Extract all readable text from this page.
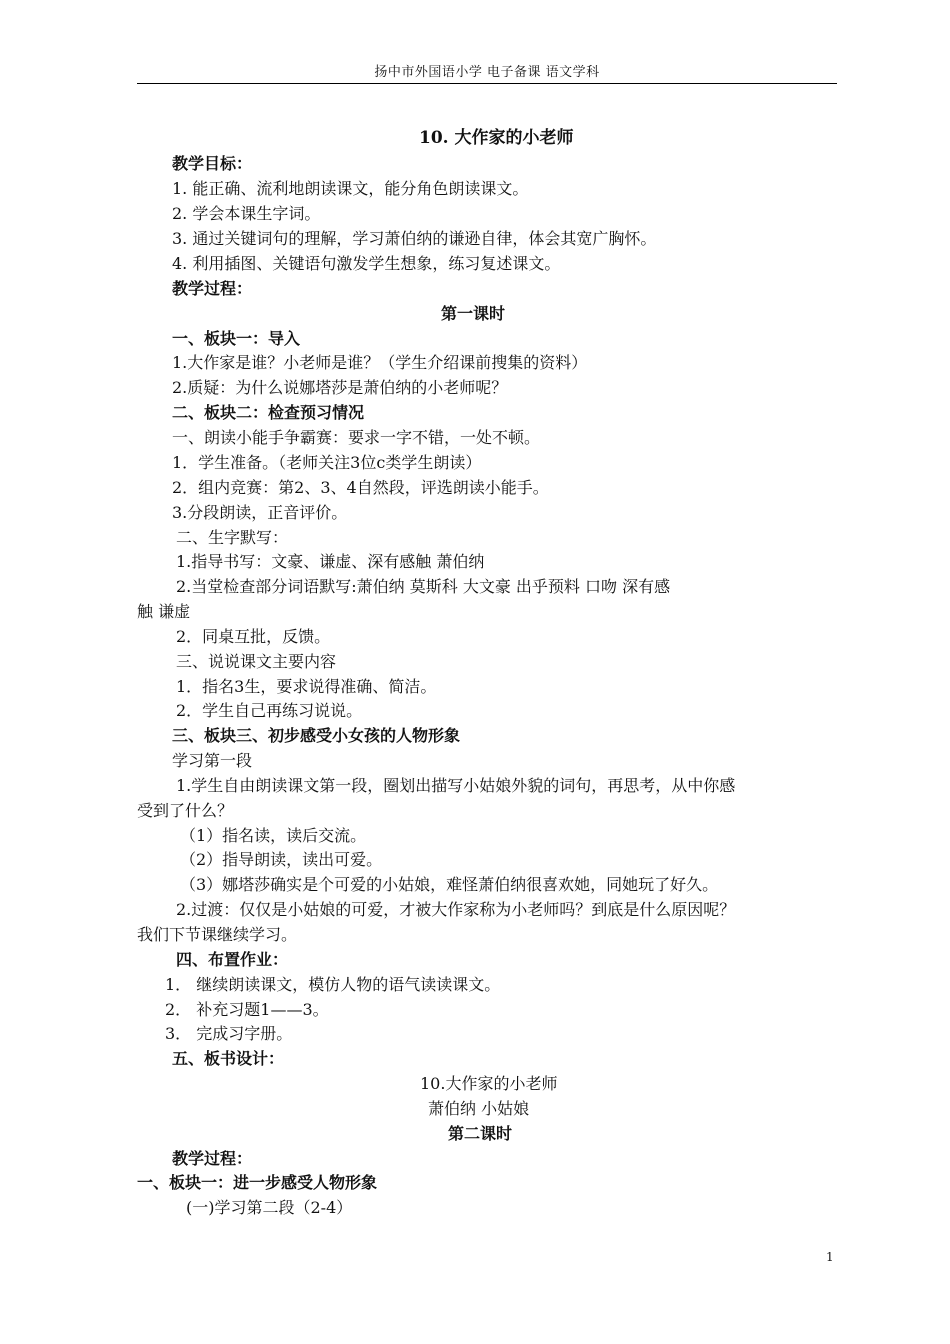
扬中市外国语小学 电子备课 语文学科
10. 大作家的小老师
教学目标：
1. 能正确、流利地朗读课文，能分角色朗读课文。
2. 学会本课生字词。
3. 通过关键词句的理解，学习萧伯纳的谦逊自律，体会其宽广胸怀。
4. 利用插图、关键语句激发学生想象，练习复述课文。
教学过程：
第一课时
一、板块一：导入
1.大作家是谁？小老师是谁？（学生介绍课前搜集的资料）
2.质疑：为什么说娜塔莎是萧伯纳的小老师呢？
二、板块二：检查预习情况
一、朗读小能手争霸赛：要求一字不错，一处不顿。
1．学生准备。（老师关注3位c类学生朗读）
2．组内竞赛：第2、3、4自然段，评选朗读小能手。
3.分段朗读，正音评价。
二、生字默写：
1.指导书写：文豪、谦虚、深有感触 萧伯纳
2.当堂检查部分词语默写:萧伯纳 莫斯科 大文豪 出乎预料 口吻 深有感
触 谦虚
2．同桌互批，反馈。
三、说说课文主要内容
1．指名3生，要求说得准确、简洁。
2．学生自己再练习说说。
三、板块三、初步感受小女孩的人物形象
学习第一段
1.学生自由朗读课文第一段，圈划出描写小姑娘外貌的词句，再思考，从中你感
受到了什么？
（1）指名读，读后交流。
（2）指导朗读，读出可爱。
（3）娜塔莎确实是个可爱的小姑娘，难怪萧伯纳很喜欢她，同她玩了好久。
2.过渡：仅仅是小姑娘的可爱，才被大作家称为小老师吗？到底是什么原因呢？
我们下节课继续学习。
四、布置作业：
1． 继续朗读课文，模仿人物的语气读读课文。
2． 补充习题1——3。
3． 完成习字册。
五、板书设计：
10.大作家的小老师
萧伯纳 小姑娘
第二课时
教学过程：
一、板块一：进一步感受人物形象
(一)学习第二段（2-4）
1
